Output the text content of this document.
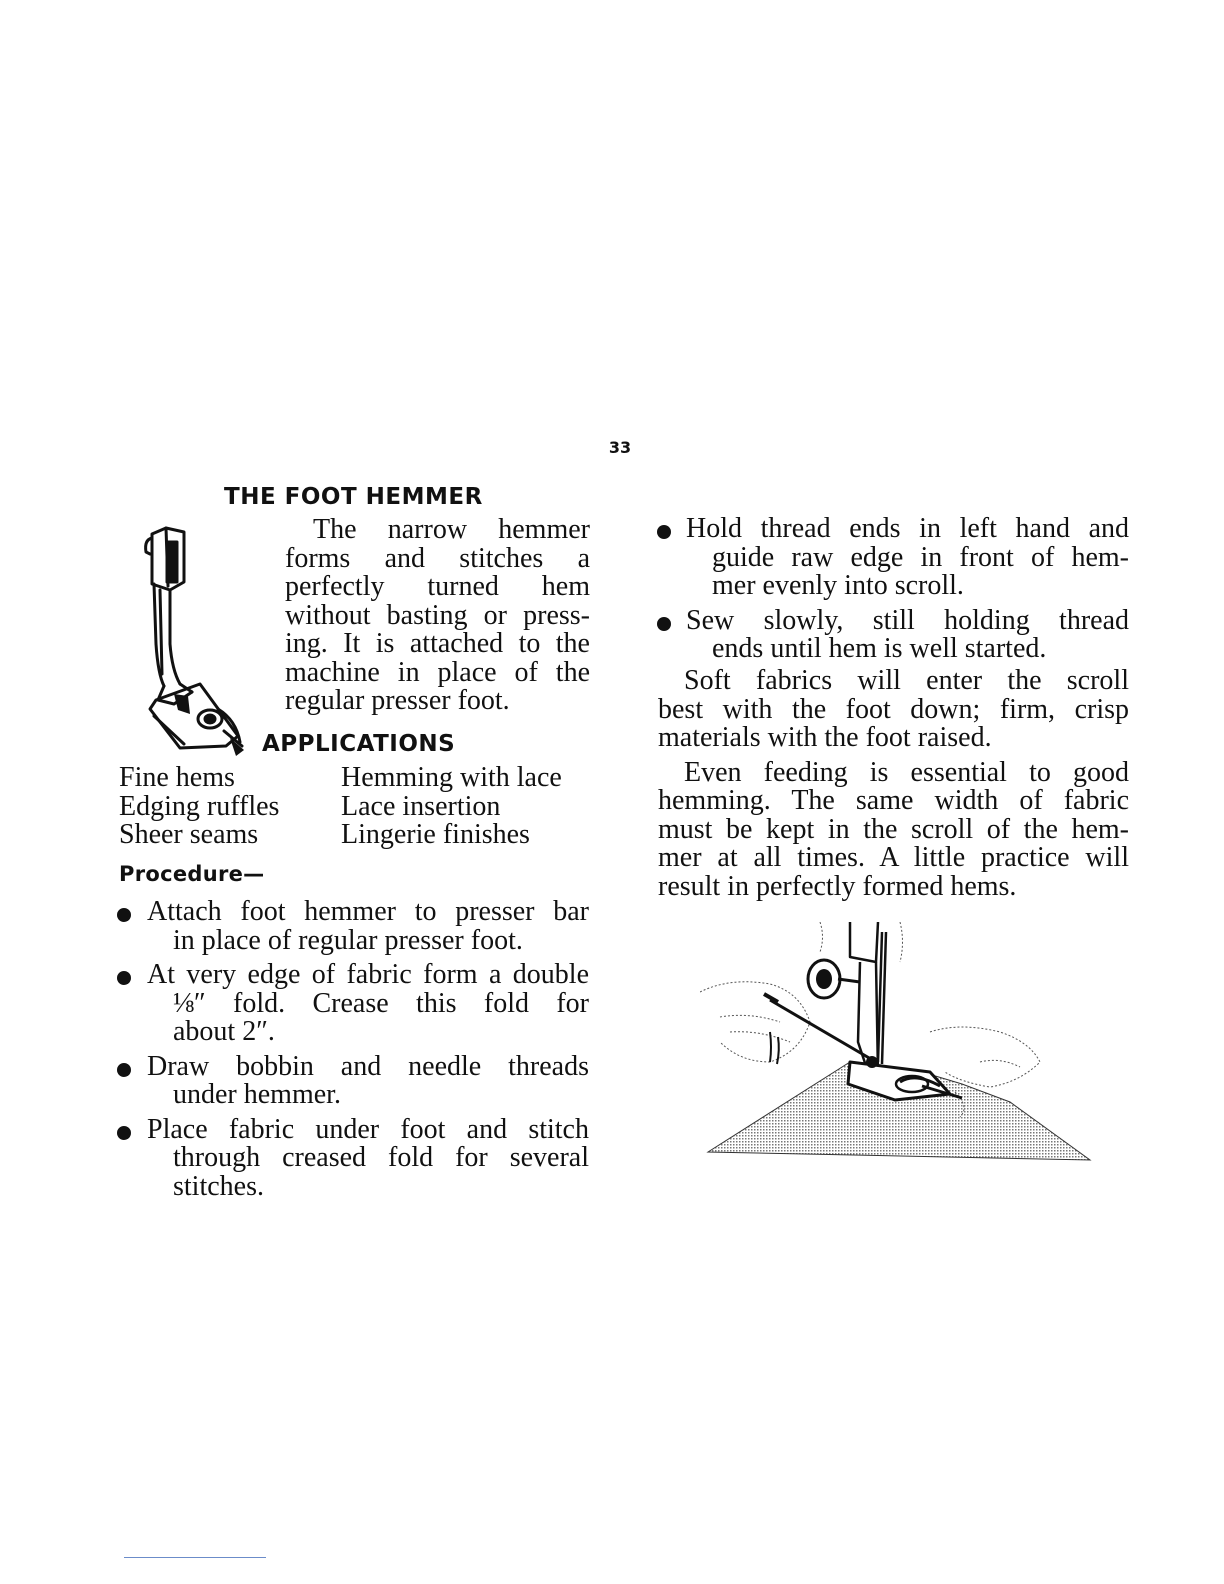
33
THE FOOT HEMMER
The narrow hemmer
forms and stitches a
perfectly turned hem
without basting or press-
ing. It is attached to the
machine in place of the
regular presser foot.
APPLICATIONS
Fine hems	Hemming with lace
Edging ruffles	Lace insertion
Sheer seams	Lingerie finishes
Procedure—
Attach foot hemmer to presser bar
in place of regular presser foot.
At very edge of fabric form a double
⅛″ fold. Crease this fold for
about 2″.
Draw bobbin and needle threads
under hemmer.
Place fabric under foot and stitch
through creased fold for several
stitches.
Hold thread ends in left hand and
guide raw edge in front of hem-
mer evenly into scroll.
Sew slowly, still holding thread
ends until hem is well started.
Soft fabrics will enter the scroll
best with the foot down; firm, crisp
materials with the foot raised.
Even feeding is essential to good
hemming. The same width of fabric
must be kept in the scroll of the hem-
mer at all times. A little practice will
result in perfectly formed hems.
